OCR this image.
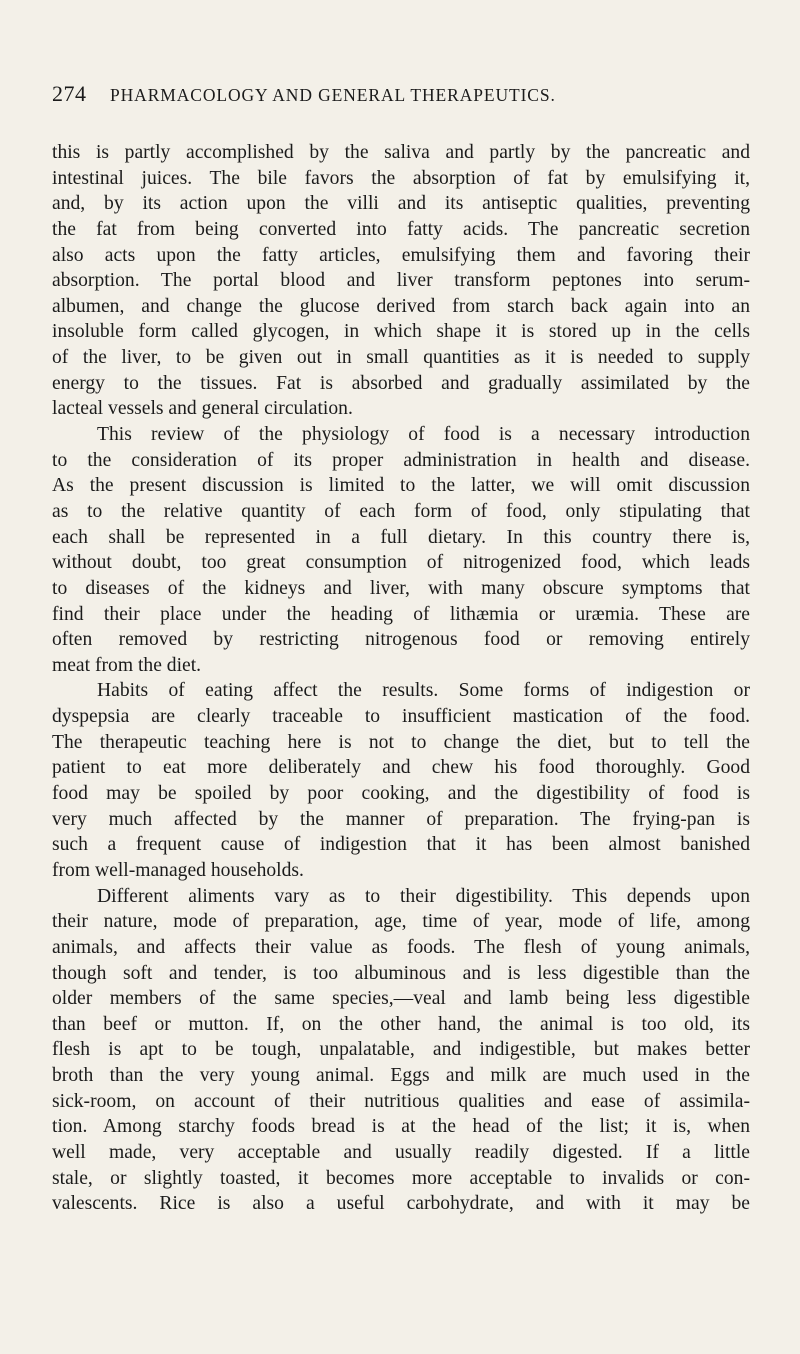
274 PHARMACOLOGY AND GENERAL THERAPEUTICS.
this is partly accomplished by the saliva and partly by the pancreatic and
intestinal juices. The bile favors the absorption of fat by emulsifying it,
and, by its action upon the villi and its antiseptic qualities, preventing
the fat from being converted into fatty acids. The pancreatic secretion
also acts upon the fatty articles, emulsifying them and favoring their
absorption. The portal blood and liver transform peptones into serum-
albumen, and change the glucose derived from starch back again into an
insoluble form called glycogen, in which shape it is stored up in the cells
of the liver, to be given out in small quantities as it is needed to supply
energy to the tissues. Fat is absorbed and gradually assimilated by the
lacteal vessels and general circulation.
This review of the physiology of food is a necessary introduction
to the consideration of its proper administration in health and disease.
As the present discussion is limited to the latter, we will omit discussion
as to the relative quantity of each form of food, only stipulating that
each shall be represented in a full dietary. In this country there is,
without doubt, too great consumption of nitrogenized food, which leads
to diseases of the kidneys and liver, with many obscure symptoms that
find their place under the heading of lithæmia or uræmia. These are
often removed by restricting nitrogenous food or removing entirely
meat from the diet.
Habits of eating affect the results. Some forms of indigestion or
dyspepsia are clearly traceable to insufficient mastication of the food.
The therapeutic teaching here is not to change the diet, but to tell the
patient to eat more deliberately and chew his food thoroughly. Good
food may be spoiled by poor cooking, and the digestibility of food is
very much affected by the manner of preparation. The frying-pan is
such a frequent cause of indigestion that it has been almost banished
from well-managed households.
Different aliments vary as to their digestibility. This depends upon
their nature, mode of preparation, age, time of year, mode of life, among
animals, and affects their value as foods. The flesh of young animals,
though soft and tender, is too albuminous and is less digestible than the
older members of the same species,—veal and lamb being less digestible
than beef or mutton. If, on the other hand, the animal is too old, its
flesh is apt to be tough, unpalatable, and indigestible, but makes better
broth than the very young animal. Eggs and milk are much used in the
sick-room, on account of their nutritious qualities and ease of assimila-
tion. Among starchy foods bread is at the head of the list; it is, when
well made, very acceptable and usually readily digested. If a little
stale, or slightly toasted, it becomes more acceptable to invalids or con-
valescents. Rice is also a useful carbohydrate, and with it may be
